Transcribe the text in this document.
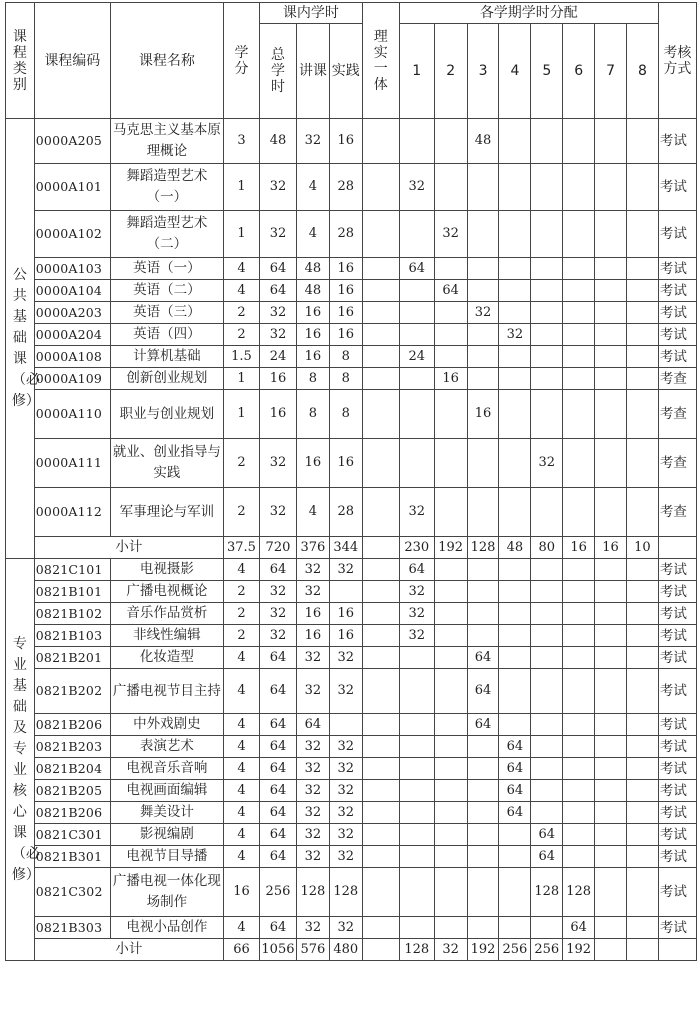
课程类别	课程编码	课程名称	学分	课内学时			理实一体	各学期学时分配								考核方式
				总学时	讲课	实践		1	2	3	4	5	6	7	8	
公共基础课（必修）	0000A205	马克思主义基本原理概论	3	48	32	16				48						考试
	0000A101	舞蹈造型艺术（一）	1	32	4	28		32								考试
	0000A102	舞蹈造型艺术（二）	1	32	4	28			32							考试
	0000A103	英语（一）	4	64	48	16		64								考试
	0000A104	英语（二）	4	64	48	16			64							考试
	0000A203	英语（三）	2	32	16	16				32						考试
	0000A204	英语（四）	2	32	16	16					32					考试
	0000A108	计算机基础	1.5	24	16	8		24								考试
	0000A109	创新创业规划	1	16	8	8			16							考查
	0000A110	职业与创业规划	1	16	8	8				16						考查
	0000A111	就业、创业指导与实践	2	32	16	16						32				考查
	0000A112	军事理论与军训	2	32	4	28		32								考查
	小计		37.5	720	376	344		230	192	128	48	80	16	16	10	
专业基础及专业核心课（必修）	0821C101	电视摄影	4	64	32	32		64								考试
	0821B101	广播电视概论	2	32	32			32								考试
	0821B102	音乐作品赏析	2	32	16	16		32								考试
	0821B103	非线性编辑	2	32	16	16		32								考试
	0821B201	化妆造型	4	64	32	32				64						考试
	0821B202	广播电视节目主持	4	64	32	32				64						考试
	0821B206	中外戏剧史	4	64	64					64						考试
	0821B203	表演艺术	4	64	32	32					64					考试
	0821B204	电视音乐音响	4	64	32	32					64					考试
	0821B205	电视画面编辑	4	64	32	32					64					考试
	0821B206	舞美设计	4	64	32	32					64					考试
	0821C301	影视编剧	4	64	32	32						64				考试
	0821B301	电视节目导播	4	64	32	32						64				考试
	0821C302	广播电视一体化现场制作	16	256	128	128						128	128			考试
	0821B303	电视小品创作	4	64	32	32							64			考试
	小计		66	1056	576	480		128	32	192	256	256	192			
